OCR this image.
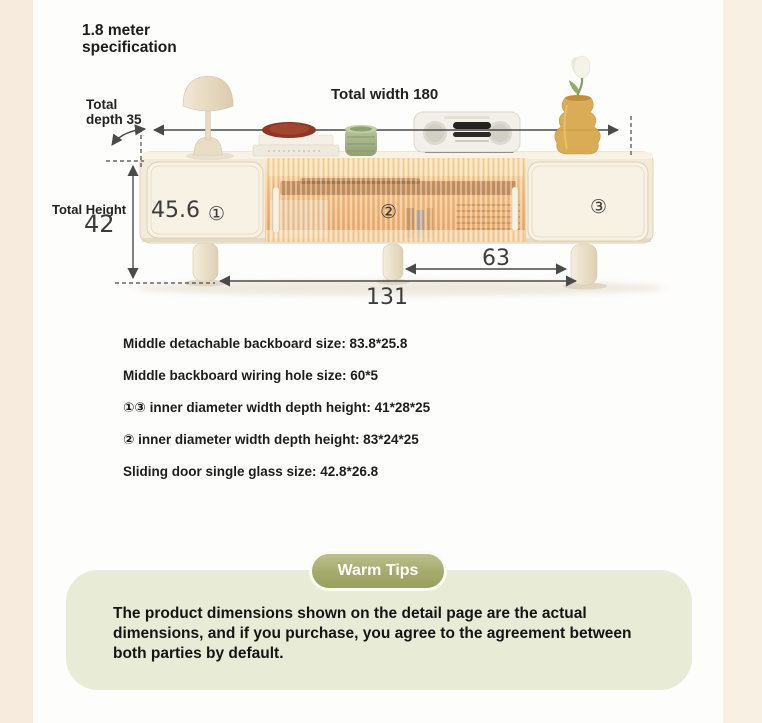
1.8 meter
specification
Total width 180
Total
depth 35
Total Height
42 45.6 ①	②	③
63
131

Middle detachable backboard size: 83.8*25.8

Middle backboard wiring hole size: 60*5

①③ inner diameter width depth height: 41*28*25

② inner diameter width depth height: 83*24*25

Sliding door single glass size: 42.8*26.8

Warm Tips
The product dimensions shown on the detail page are the actual dimensions, and if you purchase, you agree to the agreement between both parties by default.
